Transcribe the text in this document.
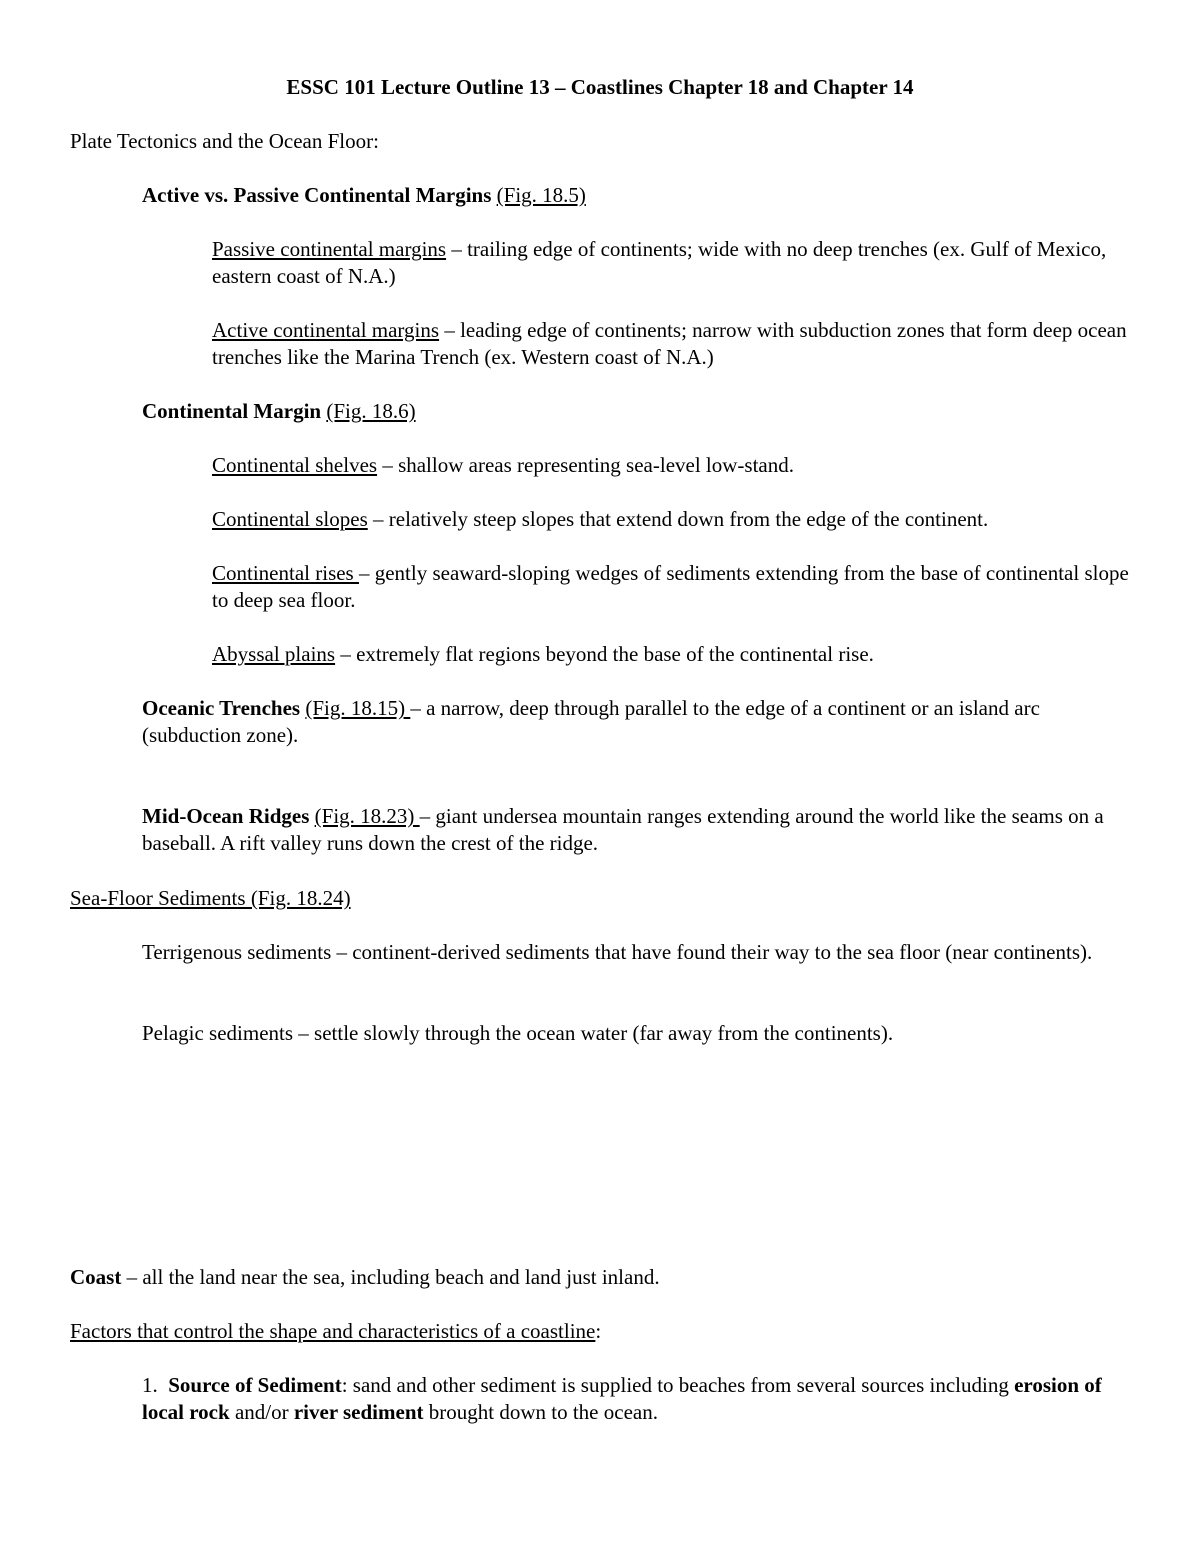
ESSC 101 Lecture Outline 13 – Coastlines Chapter 18 and Chapter 14

Plate Tectonics and the Ocean Floor:

Active vs. Passive Continental Margins (Fig. 18.5)

Passive continental margins – trailing edge of continents; wide with no deep trenches (ex. Gulf of Mexico, eastern coast of N.A.)

Active continental margins – leading edge of continents; narrow with subduction zones that form deep ocean trenches like the Marina Trench (ex. Western coast of N.A.)

Continental Margin (Fig. 18.6)

Continental shelves – shallow areas representing sea-level low-stand.

Continental slopes – relatively steep slopes that extend down from the edge of the continent.

Continental rises – gently seaward-sloping wedges of sediments extending from the base of continental slope to deep sea floor.

Abyssal plains – extremely flat regions beyond the base of the continental rise.

Oceanic Trenches (Fig. 18.15) – a narrow, deep through parallel to the edge of a continent or an island arc (subduction zone).

Mid-Ocean Ridges (Fig. 18.23) – giant undersea mountain ranges extending around the world like the seams on a baseball. A rift valley runs down the crest of the ridge.

Sea-Floor Sediments (Fig. 18.24)

Terrigenous sediments – continent-derived sediments that have found their way to the sea floor (near continents).

Pelagic sediments – settle slowly through the ocean water (far away from the continents).

Coast – all the land near the sea, including beach and land just inland.

Factors that control the shape and characteristics of a coastline:

1. Source of Sediment: sand and other sediment is supplied to beaches from several sources including erosion of local rock and/or river sediment brought down to the ocean.
